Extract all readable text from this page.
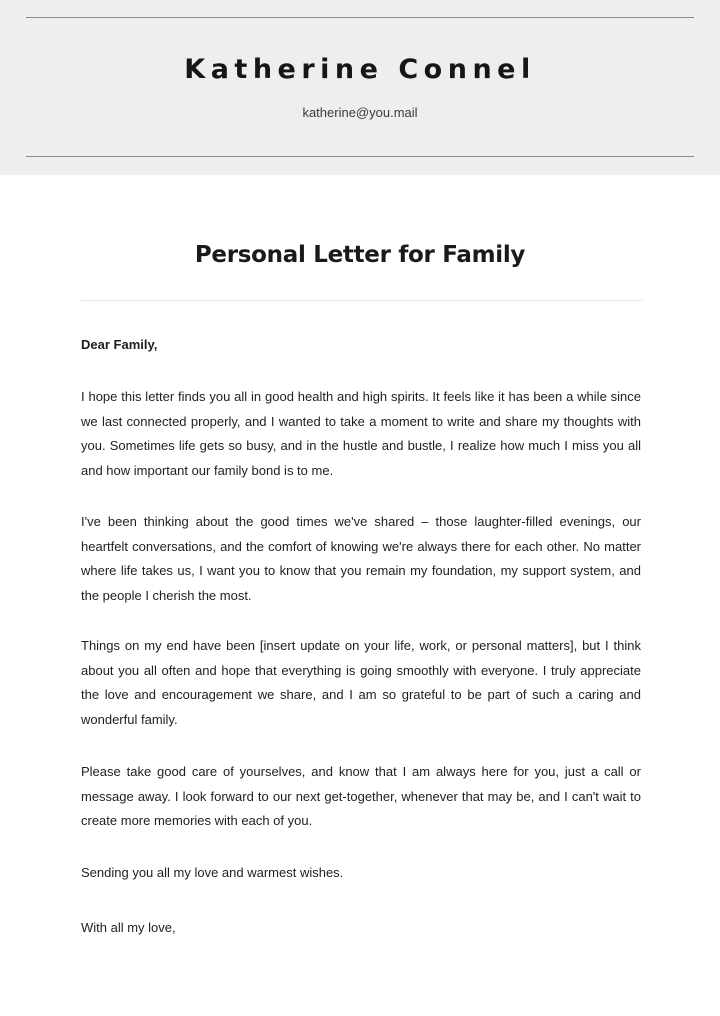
Katherine Connel
katherine@you.mail
Personal Letter for Family

Dear Family,

I hope this letter finds you all in good health and high spirits. It feels like it has been a while since we last connected properly, and I wanted to take a moment to write and share my thoughts with you. Sometimes life gets so busy, and in the hustle and bustle, I realize how much I miss you all and how important our family bond is to me.

I've been thinking about the good times we've shared – those laughter-filled evenings, our heartfelt conversations, and the comfort of knowing we're always there for each other. No matter where life takes us, I want you to know that you remain my foundation, my support system, and the people I cherish the most.

Things on my end have been [insert update on your life, work, or personal matters], but I think about you all often and hope that everything is going smoothly with everyone. I truly appreciate the love and encouragement we share, and I am so grateful to be part of such a caring and wonderful family.

Please take good care of yourselves, and know that I am always here for you, just a call or message away. I look forward to our next get-together, whenever that may be, and I can't wait to create more memories with each of you.

Sending you all my love and warmest wishes.

With all my love,
